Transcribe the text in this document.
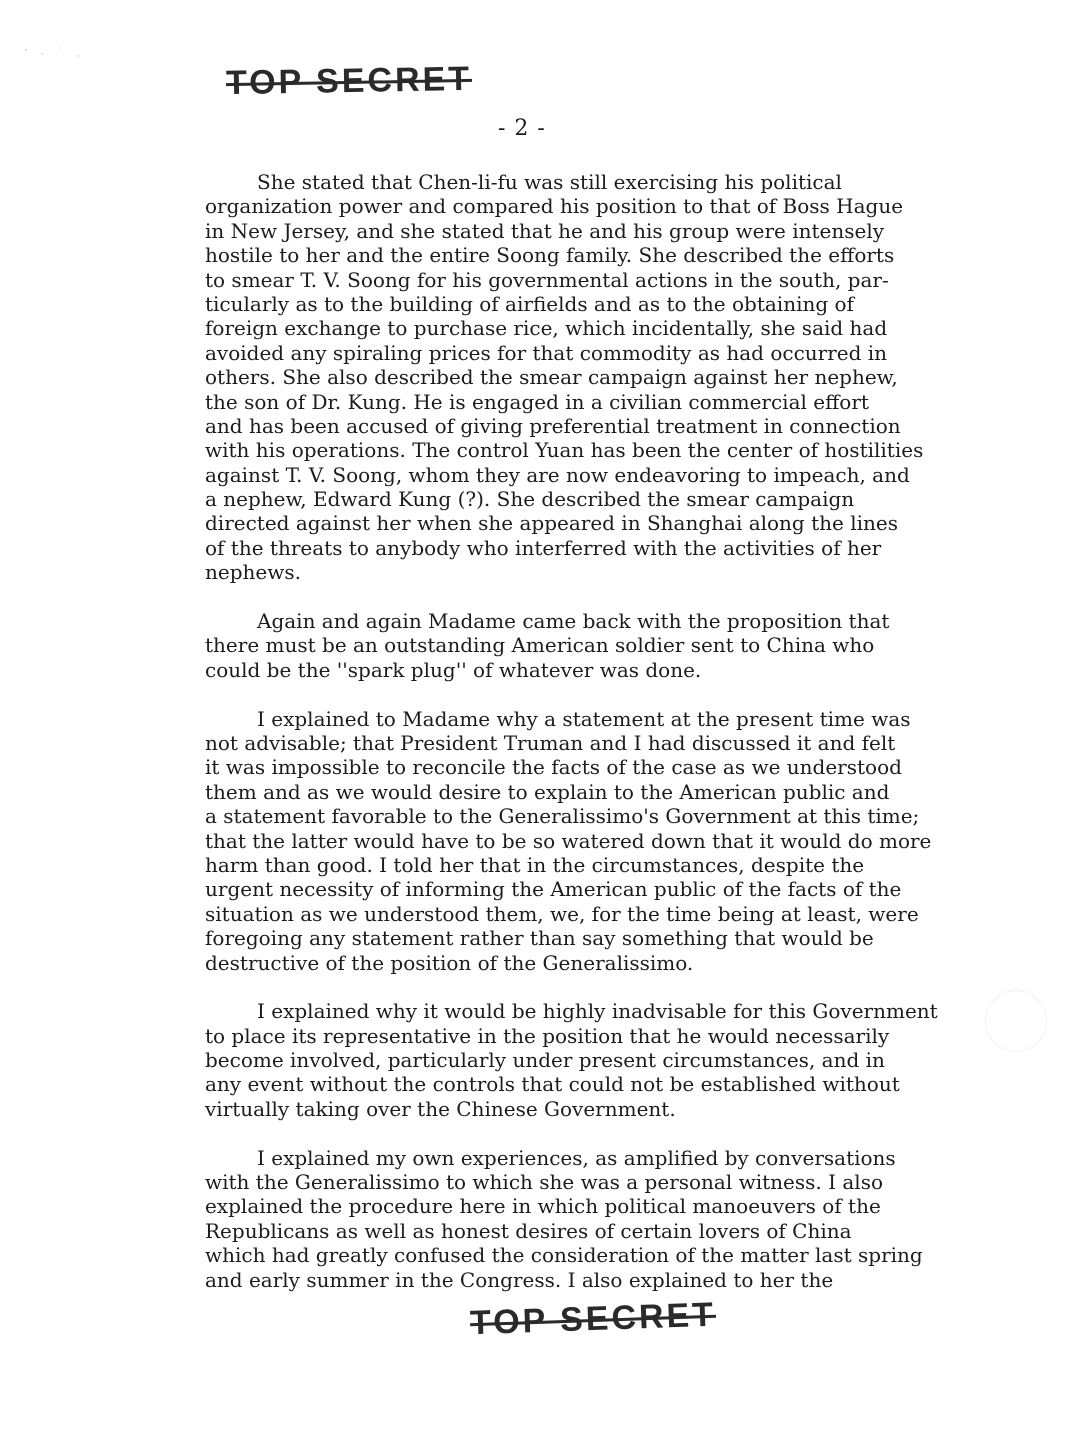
TOP SECRET
- 2 -
She stated that Chen-li-fu was still exercising his political
organization power and compared his position to that of Boss Hague
in New Jersey, and she stated that he and his group were intensely
hostile to her and the entire Soong family. She described the efforts
to smear T. V. Soong for his governmental actions in the south, par-
ticularly as to the building of airfields and as to the obtaining of
foreign exchange to purchase rice, which incidentally, she said had
avoided any spiraling prices for that commodity as had occurred in
others. She also described the smear campaign against her nephew,
the son of Dr. Kung. He is engaged in a civilian commercial effort
and has been accused of giving preferential treatment in connection
with his operations. The control Yuan has been the center of hostilities
against T. V. Soong, whom they are now endeavoring to impeach, and
a nephew, Edward Kung (?). She described the smear campaign
directed against her when she appeared in Shanghai along the lines
of the threats to anybody who interferred with the activities of her
nephews.
Again and again Madame came back with the proposition that
there must be an outstanding American soldier sent to China who
could be the ''spark plug'' of whatever was done.
I explained to Madame why a statement at the present time was
not advisable; that President Truman and I had discussed it and felt
it was impossible to reconcile the facts of the case as we understood
them and as we would desire to explain to the American public and
a statement favorable to the Generalissimo's Government at this time;
that the latter would have to be so watered down that it would do more
harm than good. I told her that in the circumstances, despite the
urgent necessity of informing the American public of the facts of the
situation as we understood them, we, for the time being at least, were
foregoing any statement rather than say something that would be
destructive of the position of the Generalissimo.
I explained why it would be highly inadvisable for this Government
to place its representative in the position that he would necessarily
become involved, particularly under present circumstances, and in
any event without the controls that could not be established without
virtually taking over the Chinese Government.
I explained my own experiences, as amplified by conversations
with the Generalissimo to which she was a personal witness. I also
explained the procedure here in which political manoeuvers of the
Republicans as well as honest desires of certain lovers of China
which had greatly confused the consideration of the matter last spring
and early summer in the Congress. I also explained to her the
TOP SECRET
